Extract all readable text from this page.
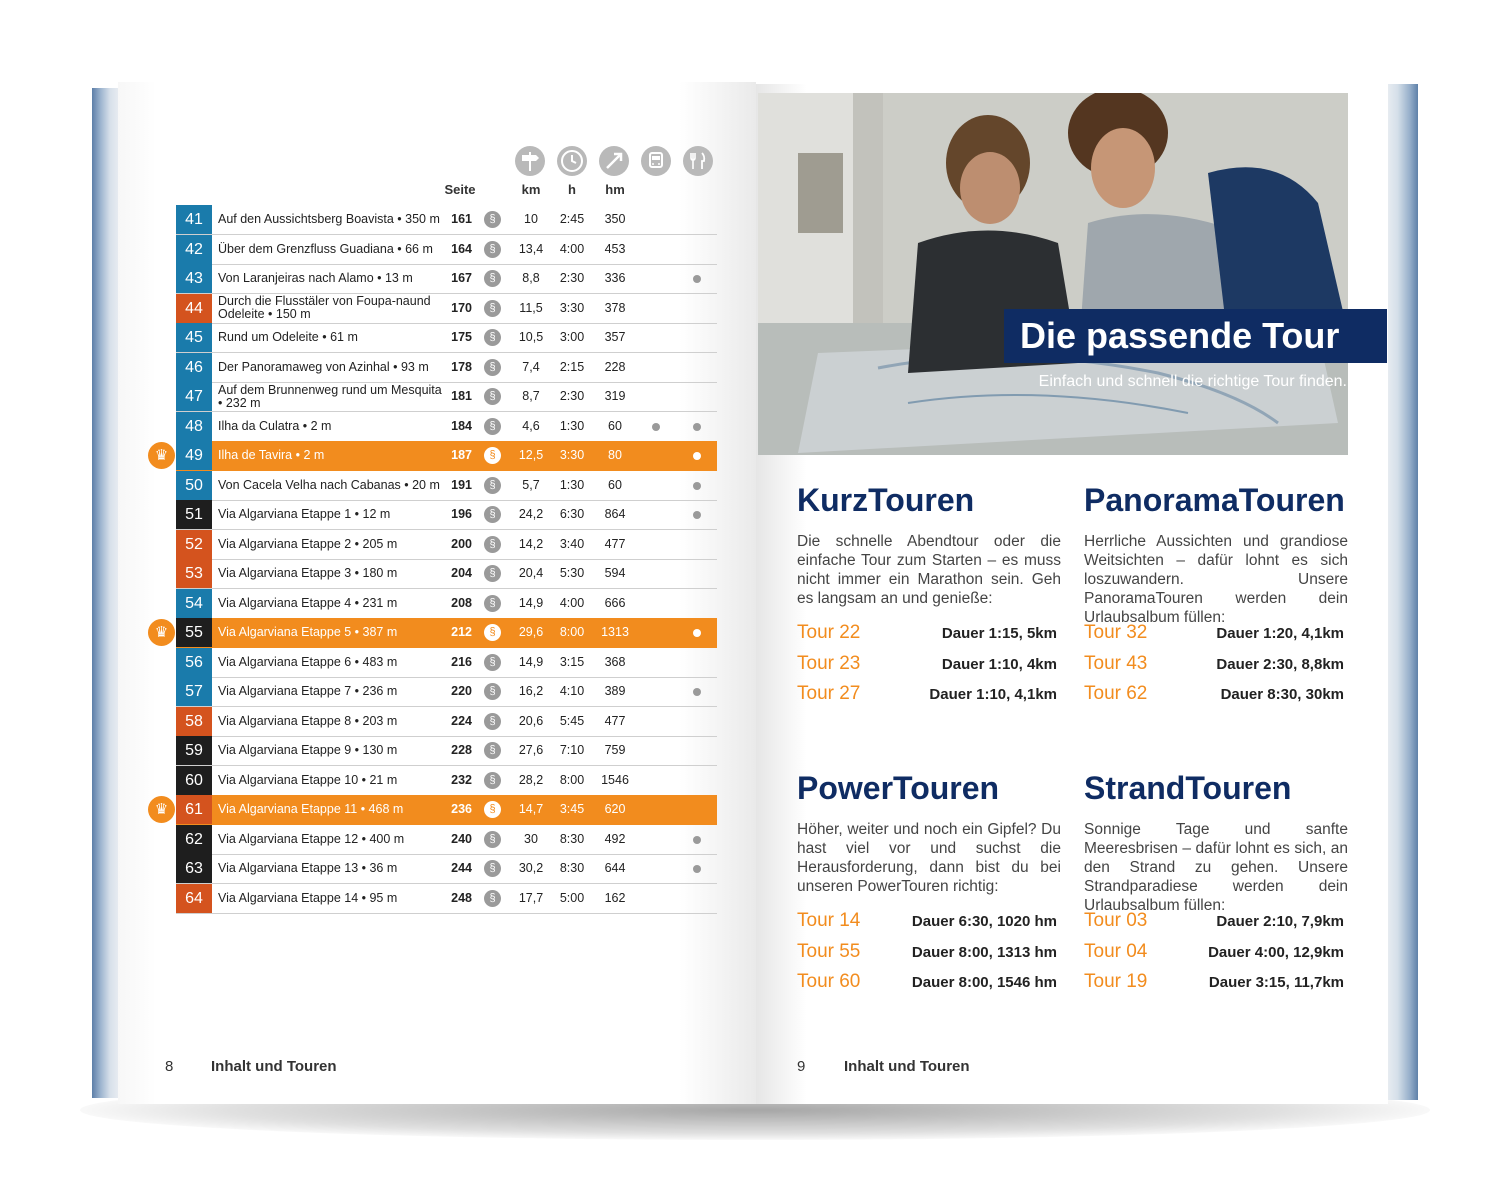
Seite	km	h	hm
41	Auf den Aussichtsberg Boavista • 350 m 161	§	10	2:45	350
42	Über dem Grenzfluss Guadiana • 66 m	164	§	13,4	4:00	453
43	Von Laranjeiras nach Alamo • 13 m	167	§	8,8	2:30	336
44	Durch die Flusstäler von Foupa-naund Odeleite • 150 m	170	§	11,5	3:30	378
45	Rund um Odeleite • 61 m	175	§	10,5	3:00	357
46	Der Panoramaweg von Azinhal • 93 m	178	§	7,4	2:15	228
47	Auf dem Brunnenweg rund um Mesquita • 232 m	181	§	8,7	2:30	319
48	Ilha da Culatra • 2 m	184	§	4,6	1:30	60
♛	49	Ilha de Tavira • 2 m	187	§	12,5	3:30	80
50	Von Cacela Velha nach Cabanas • 20 m 191	§	5,7	1:30	60
51	Via Algarviana Etappe 1 • 12 m	196	§	24,2	6:30	864
52	Via Algarviana Etappe 2 • 205 m	200	§	14,2	3:40	477
53	Via Algarviana Etappe 3 • 180 m	204	§	20,4	5:30	594
54	Via Algarviana Etappe 4 • 231 m	208	§	14,9	4:00	666
♛	55	Via Algarviana Etappe 5 • 387 m	212	§	29,6	8:00	1313
56	Via Algarviana Etappe 6 • 483 m	216	§	14,9	3:15	368
57	Via Algarviana Etappe 7 • 236 m	220	§	16,2	4:10	389
58	Via Algarviana Etappe 8 • 203 m	224	§	20,6	5:45	477
59	Via Algarviana Etappe 9 • 130 m	228	§	27,6	7:10	759
60	Via Algarviana Etappe 10 • 21 m	232	§	28,2	8:00	1546
♛	61	Via Algarviana Etappe 11 • 468 m	236	§	14,7	3:45	620
62	Via Algarviana Etappe 12 • 400 m	240	§	30	8:30	492
63	Via Algarviana Etappe 13 • 36 m	244	§	30,2	8:30	644
64	Via Algarviana Etappe 14 • 95 m	248	§	17,7	5:00	162
8	Inhalt und Touren
Die passende Tour
Einfach und schnell die richtige Tour finden.
KurzTouren
Die schnelle Abendtour oder die einfache Tour zum Starten – es muss nicht immer ein Marathon sein. Geh es langsam an und genieße:
Tour 22	Dauer 1:15, 5km
Tour 23	Dauer 1:10, 4km
Tour 27	Dauer 1:10, 4,1km
PanoramaTouren
Herrliche Aussichten und grandiose Weitsichten – dafür lohnt es sich loszuwandern. Unsere PanoramaTouren werden dein Urlaubsalbum füllen:
Tour 32	Dauer 1:20, 4,1km
Tour 43	Dauer 2:30, 8,8km
Tour 62	Dauer 8:30, 30km
PowerTouren
Höher, weiter und noch ein Gipfel? Du hast viel vor und suchst die Herausforderung, dann bist du bei unseren PowerTouren richtig:
Tour 14	Dauer 6:30, 1020 hm
Tour 55	Dauer 8:00, 1313 hm
Tour 60	Dauer 8:00, 1546 hm
StrandTouren
Sonnige Tage und sanfte Meeresbrisen – dafür lohnt es sich, an den Strand zu gehen. Unsere Strandparadiese werden dein Urlaubsalbum füllen:
Tour 03	Dauer 2:10, 7,9km
Tour 04	Dauer 4:00, 12,9km
Tour 19	Dauer 3:15, 11,7km
9	Inhalt und Touren
